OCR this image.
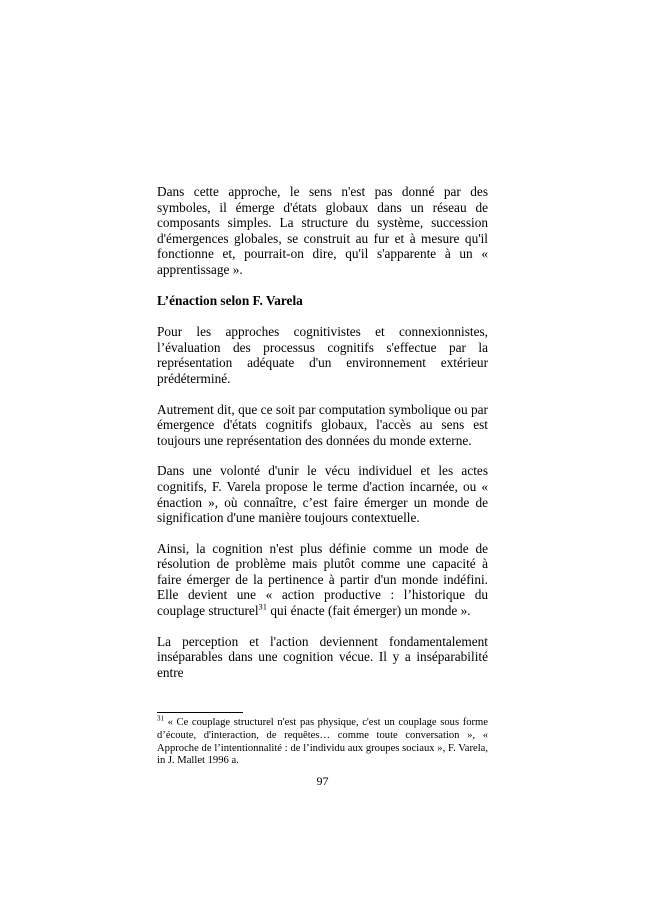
Dans cette approche, le sens n'est pas donné par des symboles, il émerge d'états globaux dans un réseau de composants simples. La structure du système, succession d'émergences globales, se construit au fur et à mesure qu'il fonctionne et, pourrait-on dire, qu'il s'apparente à un « apprentissage ».

L’énaction selon F. Varela

Pour les approches cognitivistes et connexionnistes, l’évaluation des processus cognitifs s'effectue par la représentation adéquate d'un environnement extérieur prédéterminé.

Autrement dit, que ce soit par computation symbolique ou par émergence d'états cognitifs globaux, l'accès au sens est toujours une représentation des données du monde externe.

Dans une volonté d'unir le vécu individuel et les actes cognitifs, F. Varela propose le terme d'action incarnée, ou « énaction », où connaître, c’est faire émerger un monde de signification d'une manière toujours contextuelle.

Ainsi, la cognition n'est plus définie comme un mode de résolution de problème mais plutôt comme une capacité à faire émerger de la pertinence à partir d'un monde indéfini. Elle devient une « action productive : l’historique du couplage structurel$^{31}$ qui énacte (fait émerger) un monde ».

La perception et l'action deviennent fondamentalement inséparables dans une cognition vécue. Il y a inséparabilité entre

$^{31}$ « Ce couplage structurel n'est pas physique, c'est un couplage sous forme d’écoute, d'interaction, de requêtes… comme toute conversation », « Approche de l’intentionnalité : de l’individu aux groupes sociaux », F. Varela, in J. Mallet 1996 a.

97
